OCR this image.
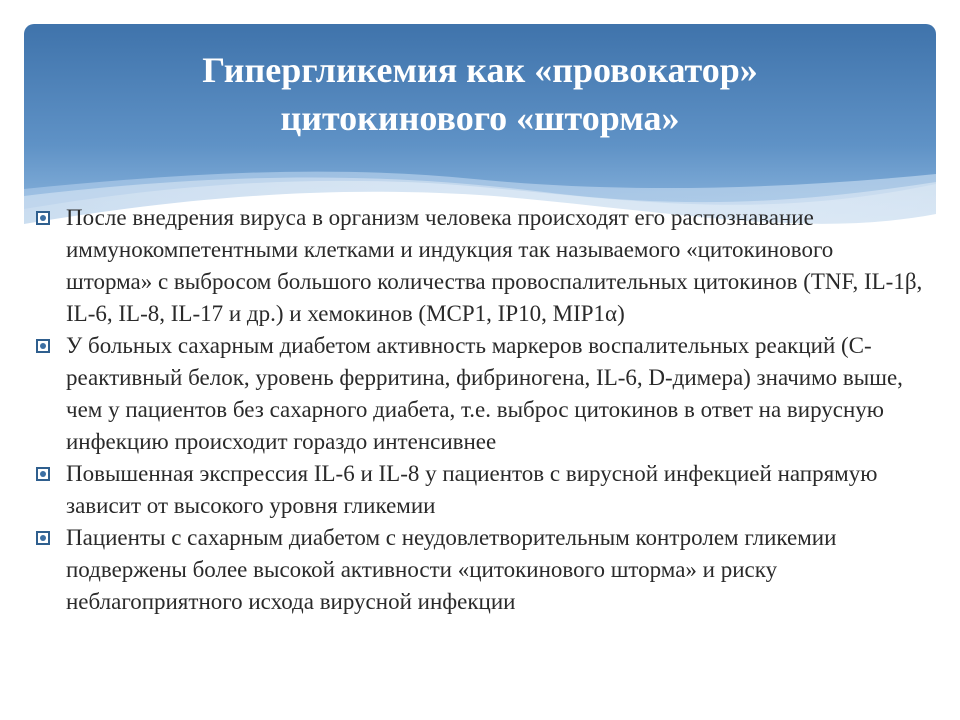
Гипергликемия как «провокатор»
цитокинового «шторма»
После внедрения вируса в организм человека происходят его распознавание иммунокомпетентными клетками и индукция так называемого «цитокинового шторма» с выбросом большого количества провоспалительных цитокинов (TNF, IL-1β, IL-6, IL-8, IL-17 и др.) и хемокинов (MCP1, IP10, MIP1α)
У больных сахарным диабетом активность маркеров воспалительных реакций (С-реактивный белок, уровень ферритина, фибриногена, IL-6, D-димера) значимо выше, чем у пациентов без сахарного диабета, т.е. выброс цитокинов в ответ на вирусную инфекцию происходит гораздо интенсивнее
Повышенная экспрессия IL-6 и IL-8 у пациентов с вирусной инфекцией напрямую зависит от высокого уровня гликемии
Пациенты с сахарным диабетом с неудовлетворительным контролем гликемии подвержены более высокой активности «цитокинового шторма» и риску неблагоприятного исхода вирусной инфекции
